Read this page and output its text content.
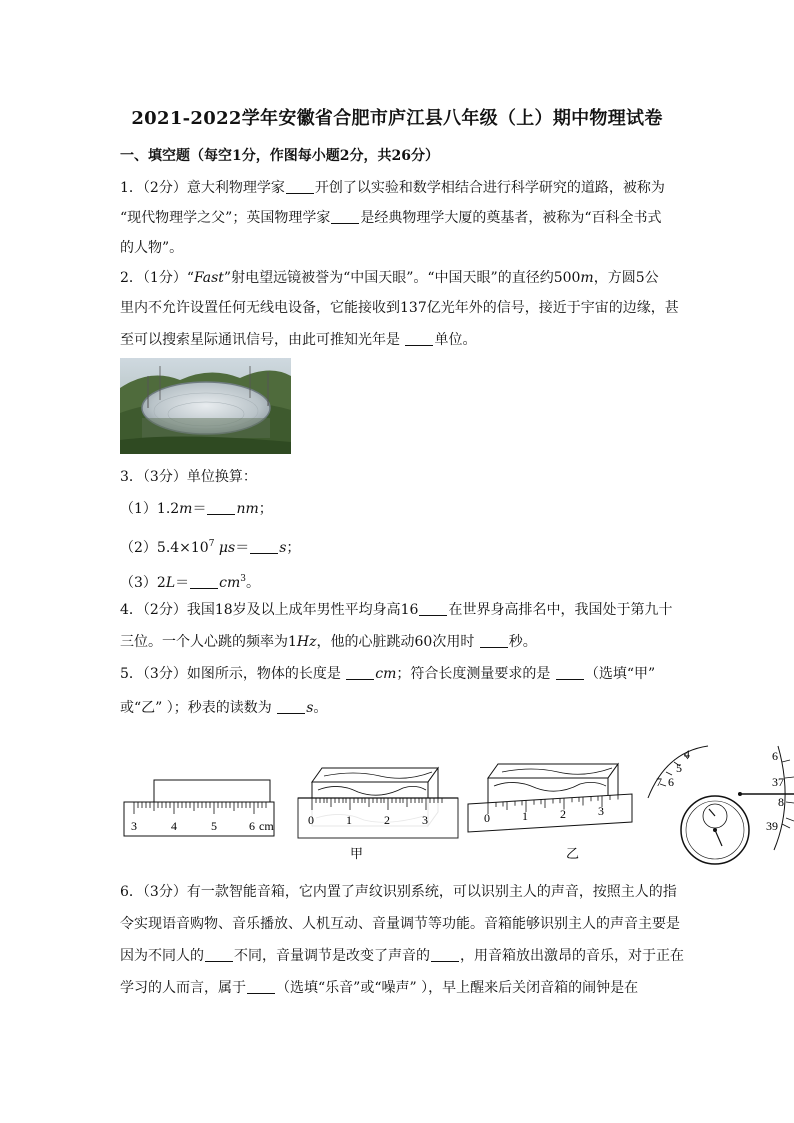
2021-2022学年安徽省合肥市庐江县八年级（上）期中物理试卷
一、填空题（每空1分，作图每小题2分，共26分）
1．（2分）意大利物理学家 开创了以实验和数学相结合进行科学研究的道路，被称为
“现代物理学之父”；英国物理学家 是经典物理学大厦的奠基者，被称为“百科全书式
的人物”。
2．（1分）“Fast”射电望远镜被誉为“中国天眼”。“中国天眼”的直径约500m，方圆5公
里内不允许设置任何无线电设备，它能接收到137亿光年外的信号，接近于宇宙的边缘，甚
至可以搜索星际通讯信号，由此可推知光年是 单位。
3．（3分）单位换算：
（1）1.2m＝ nm；
$(2)5.4\times 10^7$ μs＝ s；
$(3)2L= cm^3$。
4．（2分）我国18岁及以上成年男性平均身高16 在世界身高排名中，我国处于第九十
三位。一个人心跳的频率为1Hz，他的心脏跳动60次用时 秒。
5．（3分）如图所示，物体的长度是 cm；符合长度测量要求的是 （选填“甲”
或“乙” ）；秒表的读数为 s。
3	4	5	6 cm	0	1	2	3
甲
0	1	2	3
乙
4
5
6
7
6
37
8
39
6．（3分）有一款智能音箱，它内置了声纹识别系统，可以识别主人的声音，按照主人的指
令实现语音购物、音乐播放、人机互动、音量调节等功能。音箱能够识别主人的声音主要是
因为不同人的 不同，音量调节是改变了声音的 ，用音箱放出激昂的音乐，对于正在
学习的人而言，属于 （选填“乐音”或“噪声” ），早上醒来后关闭音箱的闹钟是在
